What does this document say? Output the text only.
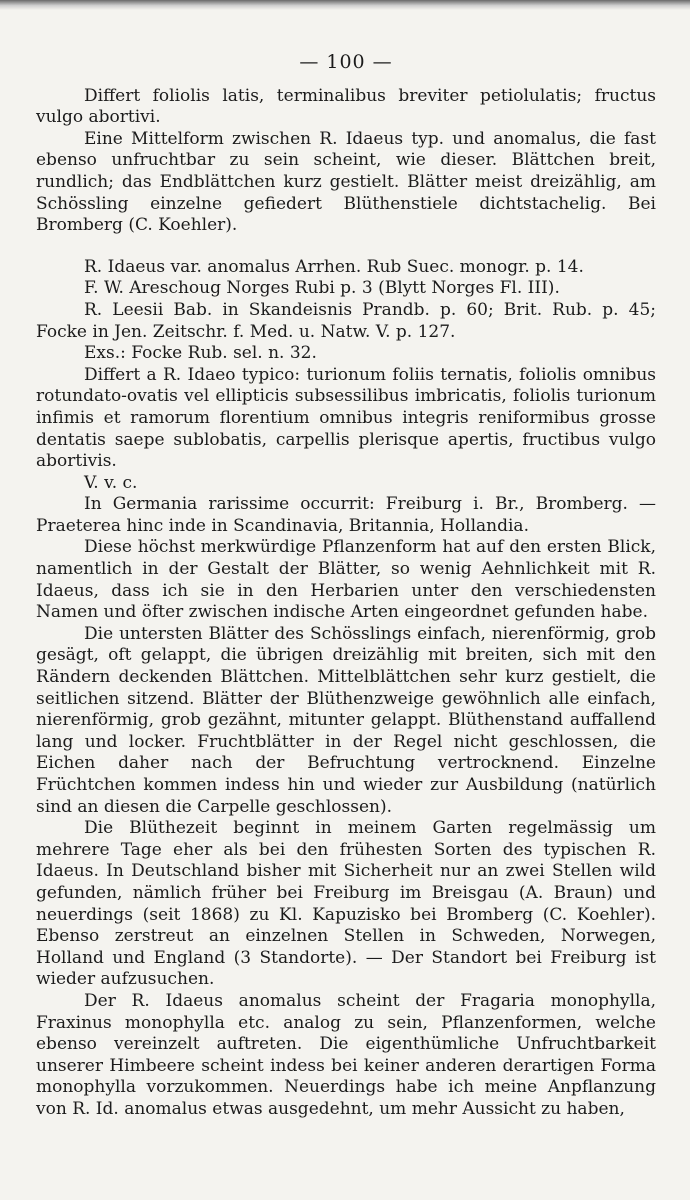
— 100 —

Differt foliolis latis, terminalibus breviter petiolulatis; fructus vulgo abortivi.

Eine Mittelform zwischen R. Idaeus typ. und anomalus, die fast ebenso unfruchtbar zu sein scheint, wie dieser. Blättchen breit, rundlich; das Endblättchen kurz gestielt. Blätter meist dreizählig, am Schössling einzelne gefiedert Blüthenstiele dichtstachelig. Bei Bromberg (C. Koehler).

R. Idaeus var. anomalus Arrhen. Rub Suec. monogr. p. 14.

F. W. Areschoug Norges Rubi p. 3 (Blytt Norges Fl. III).

R. Leesii Bab. in Skandeisnis Prandb. p. 60; Brit. Rub. p. 45; Focke in Jen. Zeitschr. f. Med. u. Natw. V. p. 127.

Exs.: Focke Rub. sel. n. 32.

Differt a R. Idaeo typico: turionum foliis ternatis, foliolis omnibus rotundato-ovatis vel ellipticis subsessilibus imbricatis, foliolis turionum infimis et ramorum florentium omnibus integris reniformibus grosse dentatis saepe sublobatis, carpellis plerisque apertis, fructibus vulgo abortivis.

V. v. c.

In Germania rarissime occurrit: Freiburg i. Br., Bromberg. — Praeterea hinc inde in Scandinavia, Britannia, Hollandia.

Diese höchst merkwürdige Pflanzenform hat auf den ersten Blick, namentlich in der Gestalt der Blätter, so wenig Aehnlichkeit mit R. Idaeus, dass ich sie in den Herbarien unter den verschiedensten Namen und öfter zwischen indische Arten eingeordnet gefunden habe.

Die untersten Blätter des Schösslings einfach, nierenförmig, grob gesägt, oft gelappt, die übrigen dreizählig mit breiten, sich mit den Rändern deckenden Blättchen. Mittelblättchen sehr kurz gestielt, die seitlichen sitzend. Blätter der Blüthenzweige gewöhnlich alle einfach, nierenförmig, grob gezähnt, mitunter gelappt. Blüthenstand auffallend lang und locker. Fruchtblätter in der Regel nicht geschlossen, die Eichen daher nach der Befruchtung vertrocknend. Einzelne Früchtchen kommen indess hin und wieder zur Ausbildung (natürlich sind an diesen die Carpelle geschlossen).

Die Blüthezeit beginnt in meinem Garten regelmässig um mehrere Tage eher als bei den frühesten Sorten des typischen R. Idaeus. In Deutschland bisher mit Sicherheit nur an zwei Stellen wild gefunden, nämlich früher bei Freiburg im Breisgau (A. Braun) und neuerdings (seit 1868) zu Kl. Kapuzisko bei Bromberg (C. Koehler). Ebenso zerstreut an einzelnen Stellen in Schweden, Norwegen, Holland und England (3 Standorte). — Der Standort bei Freiburg ist wieder aufzusuchen.

Der R. Idaeus anomalus scheint der Fragaria monophylla, Fraxinus monophylla etc. analog zu sein, Pflanzenformen, welche ebenso vereinzelt auftreten. Die eigenthümliche Unfruchtbarkeit unserer Himbeere scheint indess bei keiner anderen derartigen Forma monophylla vorzukommen. Neuerdings habe ich meine Anpflanzung von R. Id. anomalus etwas ausgedehnt, um mehr Aussicht zu haben,
